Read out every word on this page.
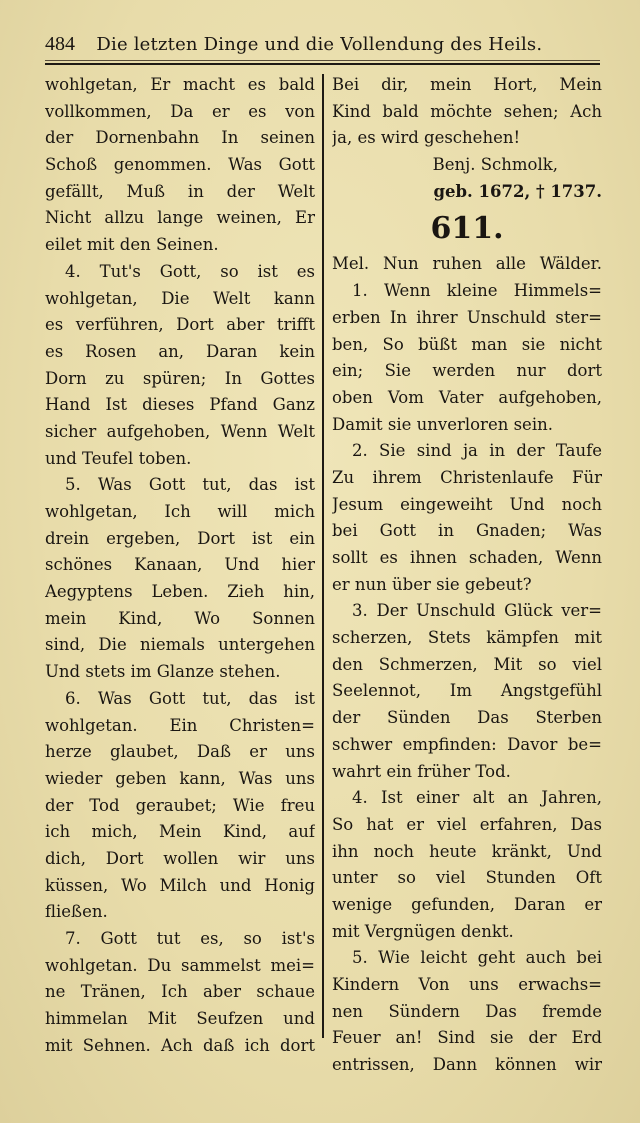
484 Die letzten Dinge und die Vollendung des Heils.
wohlgetan, Er macht es bald
vollkommen, Da er es von
der Dornenbahn In seinen
Schoß genommen. Was Gott
gefällt, Muß in der Welt
Nicht allzu lange weinen, Er
eilet mit den Seinen.
4. Tut's Gott, so ist es
wohlgetan, Die Welt kann
es verführen, Dort aber trifft
es Rosen an, Daran kein
Dorn zu spüren; In Gottes
Hand Ist dieses Pfand Ganz
sicher aufgehoben, Wenn Welt
und Teufel toben.
5. Was Gott tut, das ist
wohlgetan, Ich will mich
drein ergeben, Dort ist ein
schönes Kanaan, Und hier
Aegyptens Leben. Zieh hin,
mein Kind, Wo Sonnen
sind, Die niemals untergehen
Und stets im Glanze stehen.
6. Was Gott tut, das ist
wohlgetan. Ein Christen=
herze glaubet, Daß er uns
wieder geben kann, Was uns
der Tod geraubet; Wie freu
ich mich, Mein Kind, auf
dich, Dort wollen wir uns
küssen, Wo Milch und Honig
fließen.
7. Gott tut es, so ist's
wohlgetan. Du sammelst mei=
ne Tränen, Ich aber schaue
himmelan Mit Seufzen und
mit Sehnen. Ach daß ich dort
Bei dir, mein Hort, Mein
Kind bald möchte sehen; Ach
ja, es wird geschehen!
Benj. Schmolk,
geb. 1672, † 1737.
611.
Mel. Nun ruhen alle Wälder.
1. Wenn kleine Himmels=
erben In ihrer Unschuld ster=
ben, So büßt man sie nicht
ein; Sie werden nur dort
oben Vom Vater aufgehoben,
Damit sie unverloren sein.
2. Sie sind ja in der Taufe
Zu ihrem Christenlaufe Für
Jesum eingeweiht Und noch
bei Gott in Gnaden; Was
sollt es ihnen schaden, Wenn
er nun über sie gebeut?
3. Der Unschuld Glück ver=
scherzen, Stets kämpfen mit
den Schmerzen, Mit so viel
Seelennot, Im Angstgefühl
der Sünden Das Sterben
schwer empfinden: Davor be=
wahrt ein früher Tod.
4. Ist einer alt an Jahren,
So hat er viel erfahren, Das
ihn noch heute kränkt, Und
unter so viel Stunden Oft
wenige gefunden, Daran er
mit Vergnügen denkt.
5. Wie leicht geht auch bei
Kindern Von uns erwachs=
nen Sündern Das fremde
Feuer an! Sind sie der Erd
entrissen, Dann können wir
